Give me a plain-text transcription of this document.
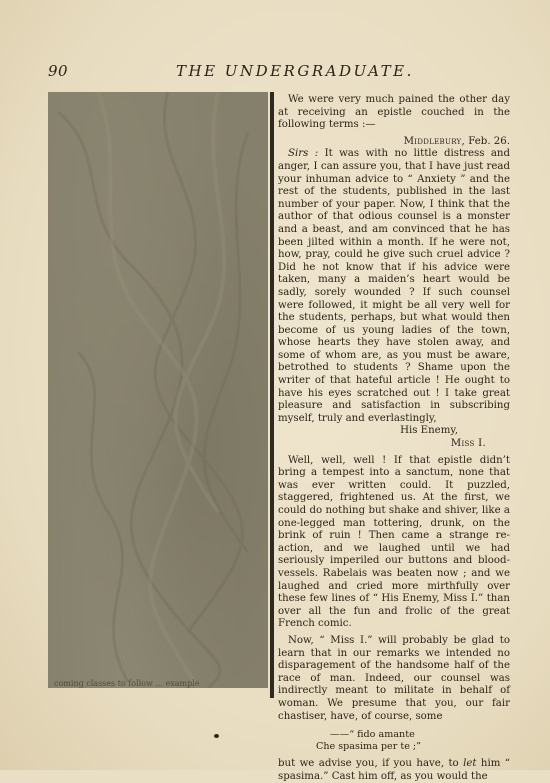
90	THE UNDERGRADUATE.
coming classes to follow ... example

We were very much pained the other day at receiving an epistle couched in the following terms :—

Middlebury, Feb. 26.

Sirs : It was with no little distress and anger, I can assure you, that I have just read your inhuman advice to “ Anxiety ” and the rest of the students, published in the last number of your paper. Now, I think that the author of that odious counsel is a monster and a beast, and am convinced that he has been jilted within a month. If he were not, how, pray, could he give such cruel advice ? Did he not know that if his advice were taken, many a maiden’s heart would be sadly, sorely wounded ? If such counsel were followed, it might be all very well for the students, perhaps, but what would then become of us young ladies of the town, whose hearts they have stolen away, and some of whom are, as you must be aware, betrothed to students ? Shame upon the writer of that hateful article ! He ought to have his eyes scratched out ! I take great pleasure and satisfaction in subscribing myself, truly and everlastingly,

His Enemy,

Miss I.

Well, well, well ! If that epistle didn’t bring a tempest into a sanctum, none that was ever written could. It puzzled, staggered, frightened us. At the first, we could do nothing but shake and shiver, like a one-legged man tottering, drunk, on the brink of ruin ! Then came a strange re-action, and we laughed until we had seriously imperiled our buttons and blood-vessels. Rabelais was beaten now ; and we laughed and cried more mirthfully over these few lines of “ His Enemy, Miss I.” than over all the fun and frolic of the great French comic.

Now, “ Miss I.” will probably be glad to learn that in our remarks we intended no disparagement of the handsome half of the race of man. Indeed, our counsel was indirectly meant to militate in behalf of woman. We presume that you, our fair chastiser, have, of course, some

——“ fido amante
Che spasima per te ;”

but we advise you, if you have, to let him “ spasima.” Cast him off, as you would the
